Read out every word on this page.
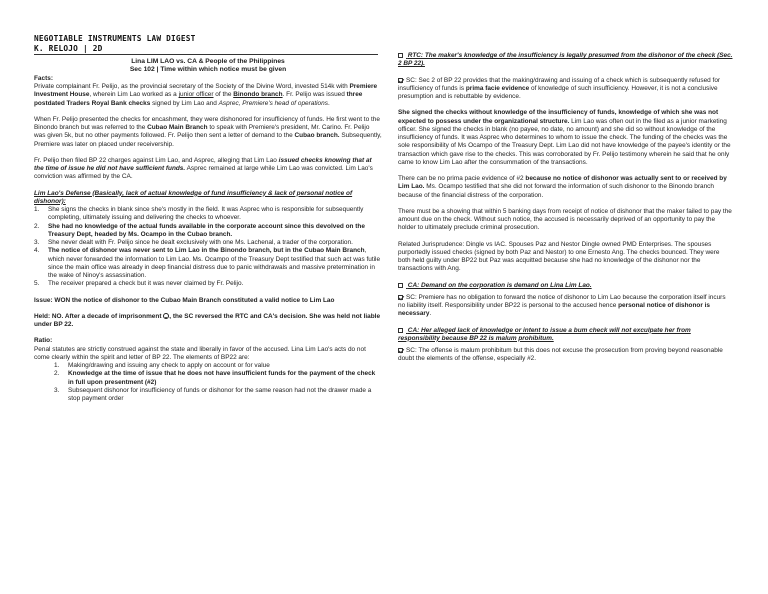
NEGOTIABLE INSTRUMENTS LAW DIGEST
K. RELOJO | 2D
Lina LIM LAO vs. CA & People of the Philippines
Sec 102 | Time within which notice must be given

Facts:

Private complainant Fr. Pelijo, as the provincial secretary of the Society of the Divine Word, invested 514k with Premiere Investment House, wherein Lim Lao worked as a junior officer of the Binondo branch. Fr. Pelijo was issued three postdated Traders Royal Bank checks signed by Lim Lao and Asprec, Premiere's head of operations.

When Fr. Pelijo presented the checks for encashment, they were dishonored for insufficiency of funds. He first went to the Binondo branch but was referred to the Cubao Main Branch to speak with Premiere's president, Mr. Carino. Fr. Pelijo was given 5k, but no other payments followed. Fr. Pelijo then sent a letter of demand to the Cubao branch. Subsequently, Premiere was later on placed under receivership.

Fr. Pelijo then filed BP 22 charges against Lim Lao, and Asprec, alleging that Lim Lao issued checks knowing that at the time of issue he did not have sufficient funds. Asprec remained at large while Lim Lao was convicted. Lim Lao's conviction was affirmed by the CA.

Lim Lao's Defense (Basically, lack of actual knowledge of fund insufficiency & lack of personal notice of dishonor):

1. She signs the checks in blank since she's mostly in the field. It was Asprec who is responsible for subsequently completing, ultimately issuing and delivering the checks to whoever.
2. She had no knowledge of the actual funds available in the corporate account since this devolved on the Treasury Dept, headed by Ms. Ocampo in the Cubao branch.
3. She never dealt with Fr. Pelijo since he dealt exclusively with one Ms. Lachenal, a trader of the corporation.
4. The notice of dishonor was never sent to Lim Lao in the Binondo branch, but in the Cubao Main Branch, which never forwarded the information to Lim Lao. Ms. Ocampo of the Treasury Dept testified that such act was futile since the main office was already in deep financial distress due to panic withdrawals and massive pretermination in the wake of Ninoy's assassination.
5. The receiver prepared a check but it was never claimed by Fr. Pelijo.

Issue: WON the notice of dishonor to the Cubao Main Branch constituted a valid notice to Lim Lao

Held: NO. After a decade of imprisonment , the SC reversed the RTC and CA's decision. She was held not liable under BP 22.

Ratio:

Penal statutes are strictly construed against the state and liberally in favor of the accused. Lina Lim Lao's acts do not come clearly within the spirit and letter of BP 22. The elements of BP22 are:

1. Making/drawing and issuing any check to apply on account or for value
2. Knowledge at the time of issue that he does not have insufficient funds for the payment of the check in full upon presentment (#2)
3. Subsequent dishonor for insufficiency of funds or dishonor for the same reason had not the drawer made a stop payment order

RTC: The maker's knowledge of the insufficiency is legally presumed from the dishonor of the check (Sec. 2 BP 22).

SC: Sec 2 of BP 22 provides that the making/drawing and issuing of a check which is subsequently refused for insufficiency of funds is prima facie evidence of knowledge of such insufficiency. However, it is not a conclusive presumption and is rebuttable by evidence.

She signed the checks without knowledge of the insufficiency of funds, knowledge of which she was not expected to possess under the organizational structure. Lim Lao was often out in the filed as a junior marketing officer. She signed the checks in blank (no payee, no date, no amount) and she did so without knowledge of the insufficiency of funds. It was Asprec who determines to whom to issue the check. The funding of the checks was the sole responsibility of Ms Ocampo of the Treasury Dept. Lim Lao did not have knowledge of the payee's identity or the transaction which gave rise to the checks. This was corroborated by Fr. Pelijo testimony wherein he said that he only came to know Lim Lao after the consummation of the transactions.

There can be no prima pacie evidence of #2 because no notice of dishonor was actually sent to or received by Lim Lao. Ms. Ocampo testified that she did not forward the information of such dishonor to the Binondo branch because of the financial distress of the corporation.

There must be a showing that within 5 banking days from receipt of notice of dishonor that the maker failed to pay the amount due on the check. Without such notice, the accused is necessarily deprived of an opportunity to pay the holder to ultimately preclude criminal prosecution.

Related Jurisprudence: Dingle vs IAC. Spouses Paz and Nestor Dingle owned PMD Enterprises. The spouses purportedly issued checks (signed by both Paz and Nestor) to one Ernesto Ang. The checks bounced. They were both held guilty under BP22 but Paz was acquitted because she had no knowledge of the dishonor nor the transactions with Ang.

CA: Demand on the corporation is demand on Lina Lim Lao.

SC: Premiere has no obligation to forward the notice of dishonor to Lim Lao because the corporation itself incurs no liability itself. Responsibility under BP22 is personal to the accused hence personal notice of dishonor is necessary.

CA: Her alleged lack of knowledge or intent to issue a bum check will not exculpate her from responsibility because BP 22 is malum prohibitum.

SC: The offense is malum prohibitum but this does not excuse the prosecution from proving beyond reasonable doubt the elements of the offense, especially #2.
